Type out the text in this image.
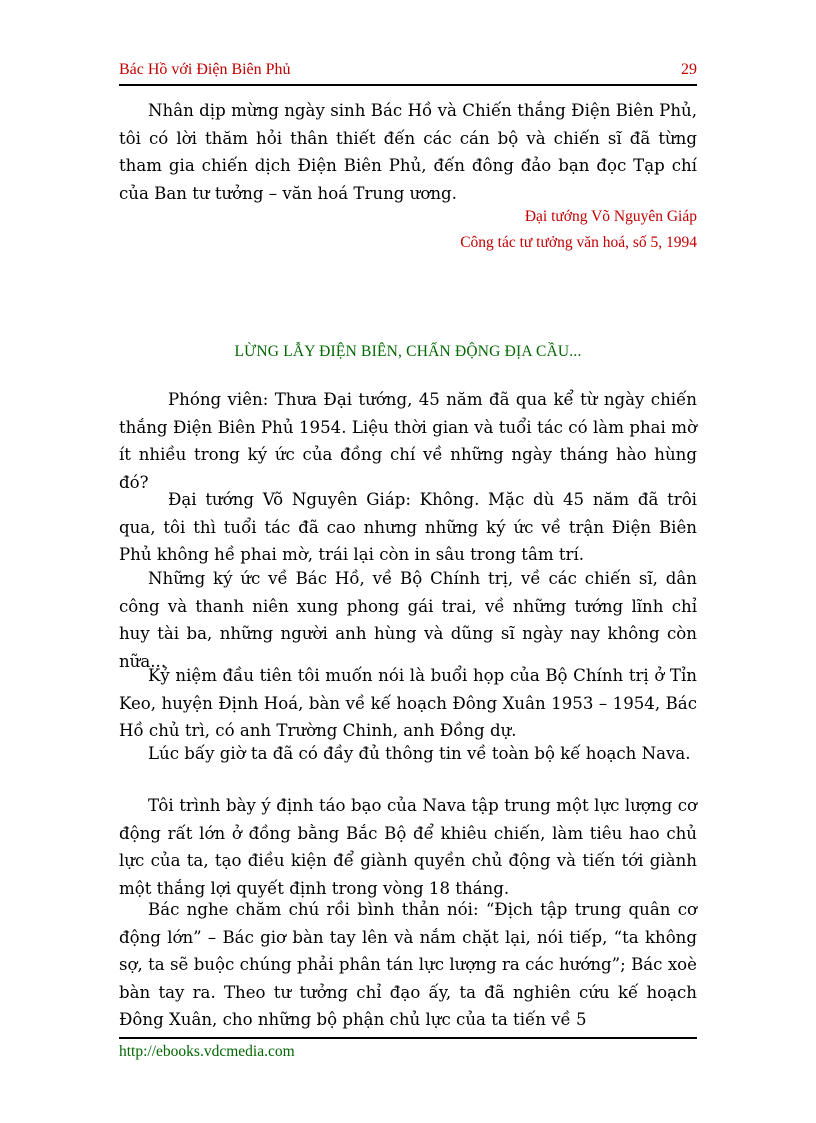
Bác Hồ với Điện Biên Phủ	29

Nhân dịp mừng ngày sinh Bác Hồ và Chiến thắng Điện Biên Phủ, tôi có lời thăm hỏi thân thiết đến các cán bộ và chiến sĩ đã từng tham gia chiến dịch Điện Biên Phủ, đến đông đảo bạn đọc Tạp chí của Ban tư tưởng – văn hoá Trung ương.

Đại tướng Võ Nguyên Giáp
Công tác tư tưởng văn hoá, số 5, 1994
LỪNG LẪY ĐIỆN BIÊN, CHẤN ĐỘNG ĐỊA CẦU...

Phóng viên: Thưa Đại tướng, 45 năm đã qua kể từ ngày chiến thắng Điện Biên Phủ 1954. Liệu thời gian và tuổi tác có làm phai mờ ít nhiều trong ký ức của đồng chí về những ngày tháng hào hùng đó?

Đại tướng Võ Nguyên Giáp: Không. Mặc dù 45 năm đã trôi qua, tôi thì tuổi tác đã cao nhưng những ký ức về trận Điện Biên Phủ không hề phai mờ, trái lại còn in sâu trong tâm trí.

Những ký ức về Bác Hồ, về Bộ Chính trị, về các chiến sĩ, dân công và thanh niên xung phong gái trai, về những tướng lĩnh chỉ huy tài ba, những người anh hùng và dũng sĩ ngày nay không còn nữa...

Kỷ niệm đầu tiên tôi muốn nói là buổi họp của Bộ Chính trị ở Tỉn Keo, huyện Định Hoá, bàn về kế hoạch Đông Xuân 1953 – 1954, Bác Hồ chủ trì, có anh Trường Chinh, anh Đồng dự.

Lúc bấy giờ ta đã có đầy đủ thông tin về toàn bộ kế hoạch Nava.

Tôi trình bày ý định táo bạo của Nava tập trung một lực lượng cơ động rất lớn ở đồng bằng Bắc Bộ để khiêu chiến, làm tiêu hao chủ lực của ta, tạo điều kiện để giành quyền chủ động và tiến tới giành một thắng lợi quyết định trong vòng 18 tháng.

Bác nghe chăm chú rồi bình thản nói: “Địch tập trung quân cơ động lớn” – Bác giơ bàn tay lên và nắm chặt lại, nói tiếp, “ta không sợ, ta sẽ buộc chúng phải phân tán lực lượng ra các hướng”; Bác xoè bàn tay ra. Theo tư tưởng chỉ đạo ấy, ta đã nghiên cứu kế hoạch Đông Xuân, cho những bộ phận chủ lực của ta tiến về 5

http://ebooks.vdcmedia.com
